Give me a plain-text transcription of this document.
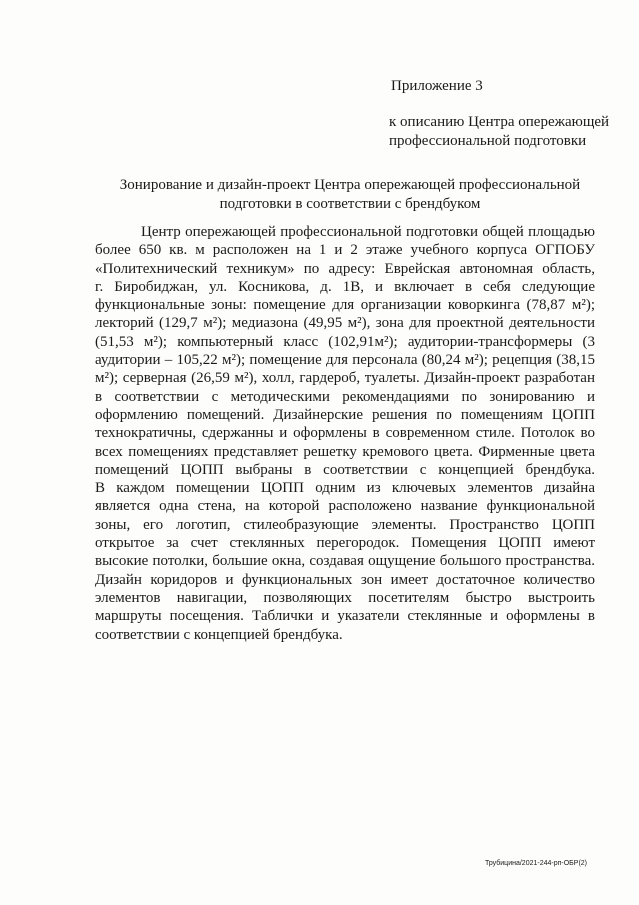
Приложение 3
к описанию Центра опережающей
профессиональной подготовки
Зонирование и дизайн-проект Центра опережающей профессиональной
подготовки в соответствии с брендбуком
Центр опережающей профессиональной подготовки общей площадью
более 650 кв. м расположен на 1 и 2 этаже учебного корпуса ОГПОБУ
«Политехнический техникум» по адресу: Еврейская автономная область,
г. Биробиджан, ул. Косникова, д. 1В, и включает в себя следующие
функциональные зоны: помещение для организации коворкинга (78,87 м²);
лекторий (129,7 м²); медиазона (49,95 м²), зона для проектной деятельности
(51,53 м²); компьютерный класс (102,91м²); аудитории-трансформеры (3
аудитории – 105,22 м²); помещение для персонала (80,24 м²); рецепция (38,15
м²); серверная (26,59 м²), холл, гардероб, туалеты. Дизайн-проект разработан
в соответствии с методическими рекомендациями по зонированию и
оформлению помещений. Дизайнерские решения по помещениям ЦОПП
технократичны, сдержанны и оформлены в современном стиле. Потолок во
всех помещениях представляет решетку кремового цвета. Фирменные цвета
помещений ЦОПП выбраны в соответствии с концепцией брендбука.
В каждом помещении ЦОПП одним из ключевых элементов дизайна
является одна стена, на которой расположено название функциональной
зоны, его логотип, стилеобразующие элементы. Пространство ЦОПП
открытое за счет стеклянных перегородок. Помещения ЦОПП имеют
высокие потолки, большие окна, создавая ощущение большого пространства.
Дизайн коридоров и функциональных зон имеет достаточное количество
элементов навигации, позволяющих посетителям быстро выстроить
маршруты посещения. Таблички и указатели стеклянные и оформлены в
соответствии с концепцией брендбука.
Трубицина/2021-244-рп-ОБР(2)
